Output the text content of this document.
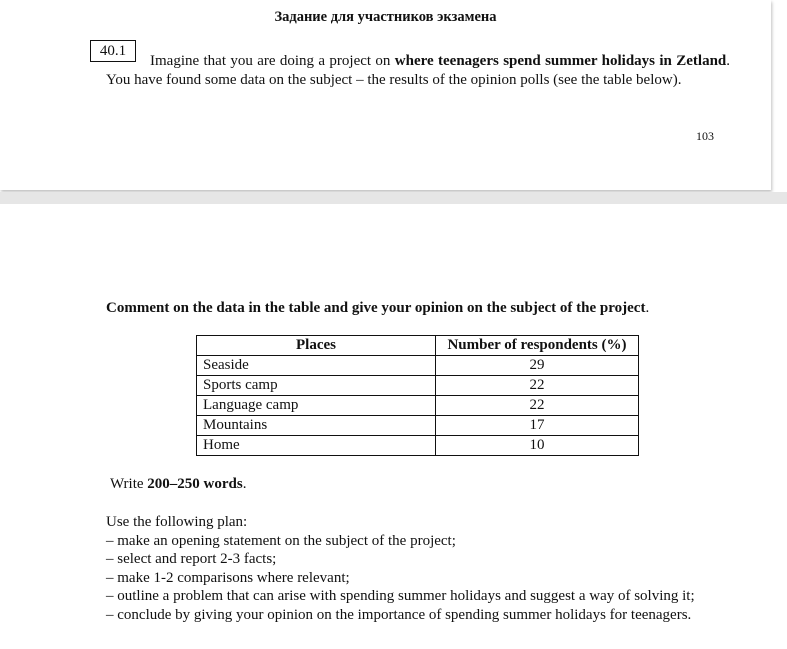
Задание для участников экзамена
40.1
Imagine that you are doing a project on where teenagers spend summer holidays in Zetland. You have found some data on the subject – the results of the opinion polls (see the table below).
103
Comment on the data in the table and give your opinion on the subject of the project.
Places	Number of respondents (%)
Seaside	29
Sports camp	22
Language camp	22
Mountains	17
Home	10
Write 200–250 words.
Use the following plan:
– make an opening statement on the subject of the project;
– select and report 2-3 facts;
– make 1-2 comparisons where relevant;
– outline a problem that can arise with spending summer holidays and suggest a way of solving it;
– conclude by giving your opinion on the importance of spending summer holidays for teenagers.
